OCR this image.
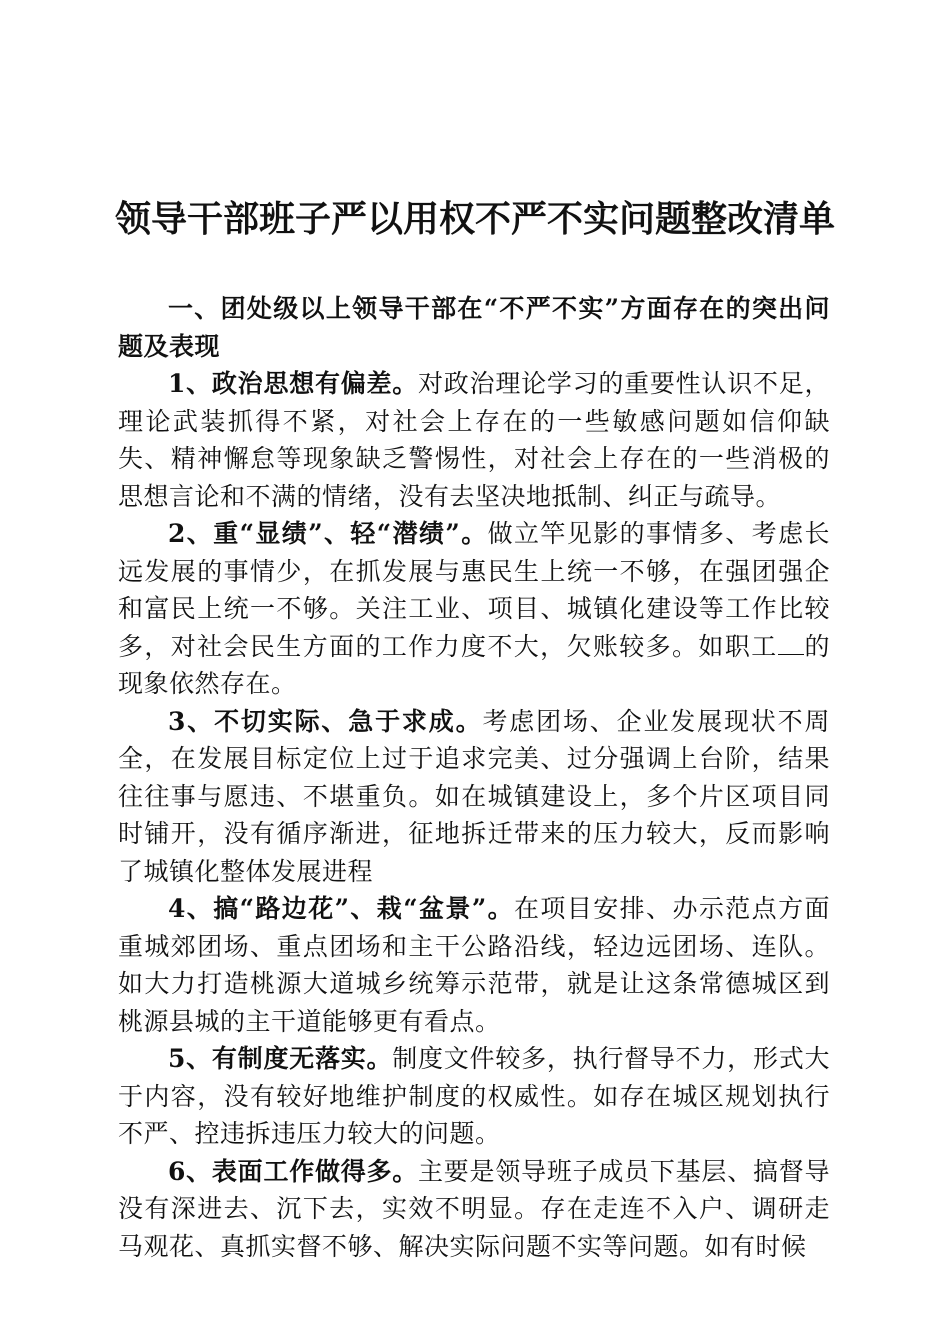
领导干部班子严以用权不严不实问题整改清单

一、团处级以上领导干部在“不严不实”方面存在的突出问题及表现

1、政治思想有偏差。对政治理论学习的重要性认识不足，理论武装抓得不紧，对社会上存在的一些敏感问题如信仰缺失、精神懈怠等现象缺乏警惕性，对社会上存在的一些消极的思想言论和不满的情绪，没有去坚决地抵制、纠正与疏导。

2、重“显绩”、轻“潜绩”。做立竿见影的事情多、考虑长远发展的事情少，在抓发展与惠民生上统一不够，在强团强企和富民上统一不够。关注工业、项目、城镇化建设等工作比较多，对社会民生方面的工作力度不大，欠账较多。如职工 的现象依然存在。

3、不切实际、急于求成。考虑团场、企业发展现状不周全，在发展目标定位上过于追求完美、过分强调上台阶，结果往往事与愿违、不堪重负。如在城镇建设上，多个片区项目同时铺开，没有循序渐进，征地拆迁带来的压力较大，反而影响了城镇化整体发展进程

4、搞“路边花”、栽“盆景”。在项目安排、办示范点方面重城郊团场、重点团场和主干公路沿线，轻边远团场、连队。如大力打造桃源大道城乡统筹示范带，就是让这条常德城区到桃源县城的主干道能够更有看点。

5、有制度无落实。制度文件较多，执行督导不力，形式大于内容，没有较好地维护制度的权威性。如存在城区规划执行不严、控违拆违压力较大的问题。

6、表面工作做得多。主要是领导班子成员下基层、搞督导没有深进去、沉下去，实效不明显。存在走连不入户、调研走马观花、真抓实督不够、解决实际问题不实等问题。如有时候
